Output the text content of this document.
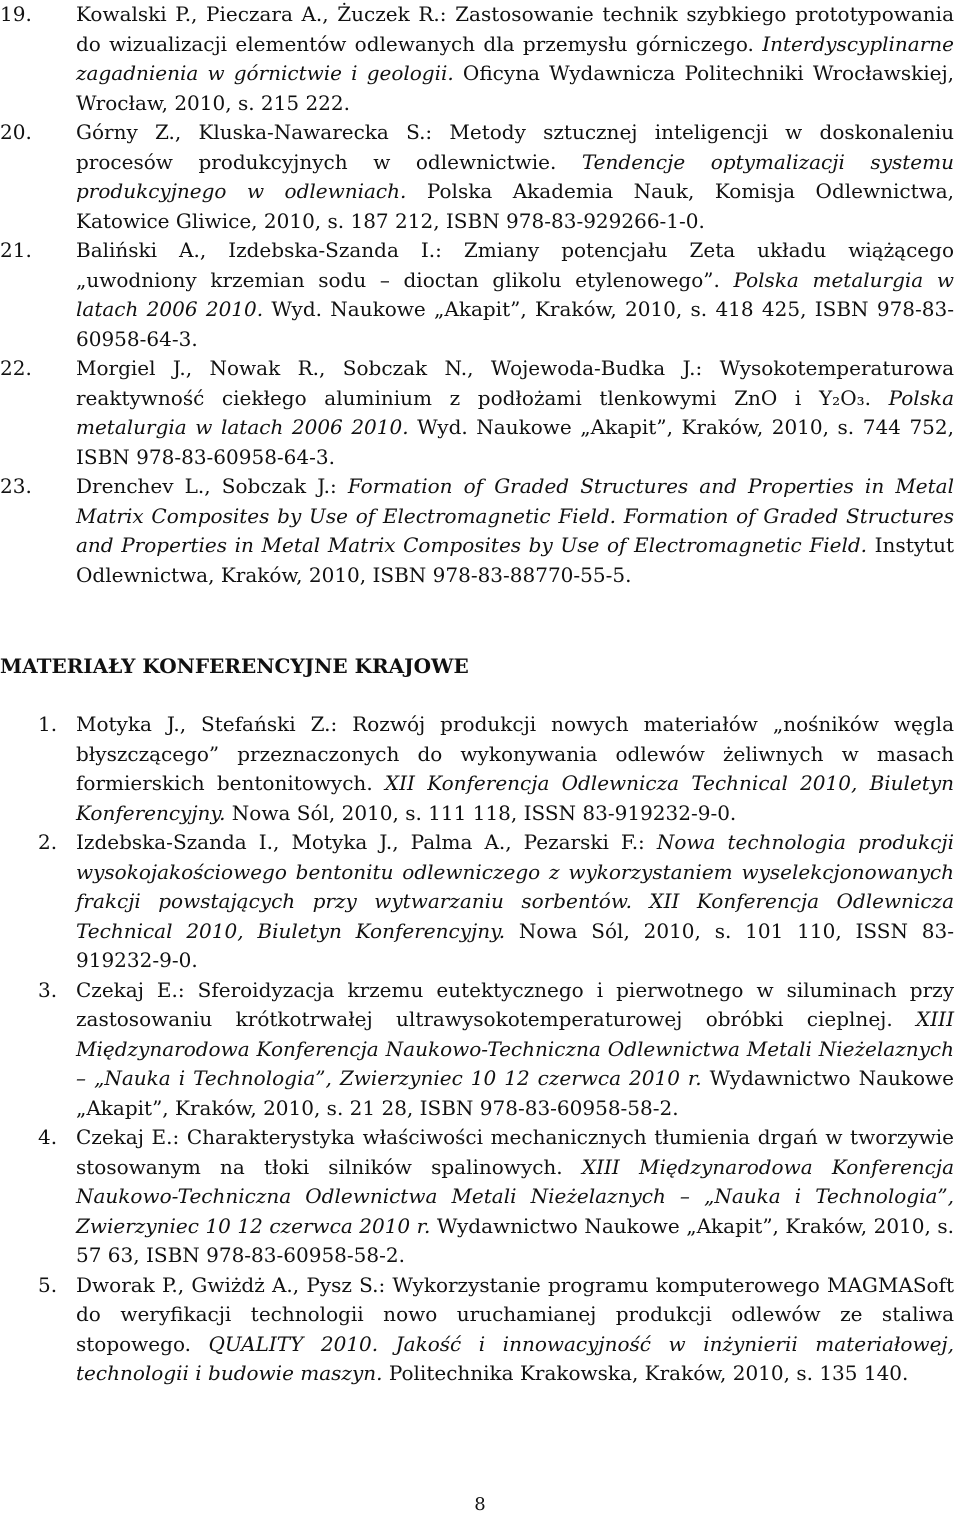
19. Kowalski P., Pieczara A., Żuczek R.: Zastosowanie technik szybkiego prototypowania do wizualizacji elementów odlewanych dla przemysłu górniczego. Interdyscyplinarne zagadnienia w górnictwie i geologii. Oficyna Wydawnicza Politechniki Wrocławskiej, Wrocław, 2010, s. 215 222.
20. Górny Z., Kluska-Nawarecka S.: Metody sztucznej inteligencji w doskonaleniu procesów produkcyjnych w odlewnictwie. Tendencje optymalizacji systemu produkcyjnego w odlewniach. Polska Akademia Nauk, Komisja Odlewnictwa, Katowice Gliwice, 2010, s. 187 212, ISBN 978-83-929266-1-0.
21. Baliński A., Izdebska-Szanda I.: Zmiany potencjału Zeta układu wiążącego „uwodniony krzemian sodu – dioctan glikolu etylenowego”. Polska metalurgia w latach 2006 2010. Wyd. Naukowe „Akapit”, Kraków, 2010, s. 418 425, ISBN 978-83-60958-64-3.
22. Morgiel J., Nowak R., Sobczak N., Wojewoda-Budka J.: Wysokotemperaturowa reaktywność ciekłego aluminium z podłożami tlenkowymi ZnO i Y₂O₃. Polska metalurgia w latach 2006 2010. Wyd. Naukowe „Akapit”, Kraków, 2010, s. 744 752, ISBN 978-83-60958-64-3.
23. Drenchev L., Sobczak J.: Formation of Graded Structures and Properties in Metal Matrix Composites by Use of Electromagnetic Field. Formation of Graded Structures and Properties in Metal Matrix Composites by Use of Electromagnetic Field. Instytut Odlewnictwa, Kraków, 2010, ISBN 978-83-88770-55-5.
MATERIAŁY KONFERENCYJNE KRAJOWE
1. Motyka J., Stefański Z.: Rozwój produkcji nowych materiałów „nośników węgla błyszczącego” przeznaczonych do wykonywania odlewów żeliwnych w masach formierskich bentonitowych. XII Konferencja Odlewnicza Technical 2010, Biuletyn Konferencyjny. Nowa Sól, 2010, s. 111 118, ISSN 83-919232-9-0.
2. Izdebska-Szanda I., Motyka J., Palma A., Pezarski F.: Nowa technologia produkcji wysokojakościowego bentonitu odlewniczego z wykorzystaniem wyselekcjonowanych frakcji powstających przy wytwarzaniu sorbentów. XII Konferencja Odlewnicza Technical 2010, Biuletyn Konferencyjny. Nowa Sól, 2010, s. 101 110, ISSN 83-919232-9-0.
3. Czekaj E.: Sferoidyzacja krzemu eutektycznego i pierwotnego w siluminach przy zastosowaniu krótkotrwałej ultrawysokotemperaturowej obróbki cieplnej. XIII Międzynarodowa Konferencja Naukowo-Techniczna Odlewnictwa Metali Nieżelaznych – „Nauka i Technologia”, Zwierzyniec 10 12 czerwca 2010 r. Wydawnictwo Naukowe „Akapit”, Kraków, 2010, s. 21 28, ISBN 978-83-60958-58-2.
4. Czekaj E.: Charakterystyka właściwości mechanicznych tłumienia drgań w tworzywie stosowanym na tłoki silników spalinowych. XIII Międzynarodowa Konferencja Naukowo-Techniczna Odlewnictwa Metali Nieżelaznych – „Nauka i Technologia”, Zwierzyniec 10 12 czerwca 2010 r. Wydawnictwo Naukowe „Akapit”, Kraków, 2010, s. 57 63, ISBN 978-83-60958-58-2.
5. Dworak P., Gwiżdż A., Pysz S.: Wykorzystanie programu komputerowego MAGMASoft do weryfikacji technologii nowo uruchamianej produkcji odlewów ze staliwa stopowego. QUALITY 2010. Jakość i innowacyjność w inżynierii materiałowej, technologii i budowie maszyn. Politechnika Krakowska, Kraków, 2010, s. 135 140.
8
